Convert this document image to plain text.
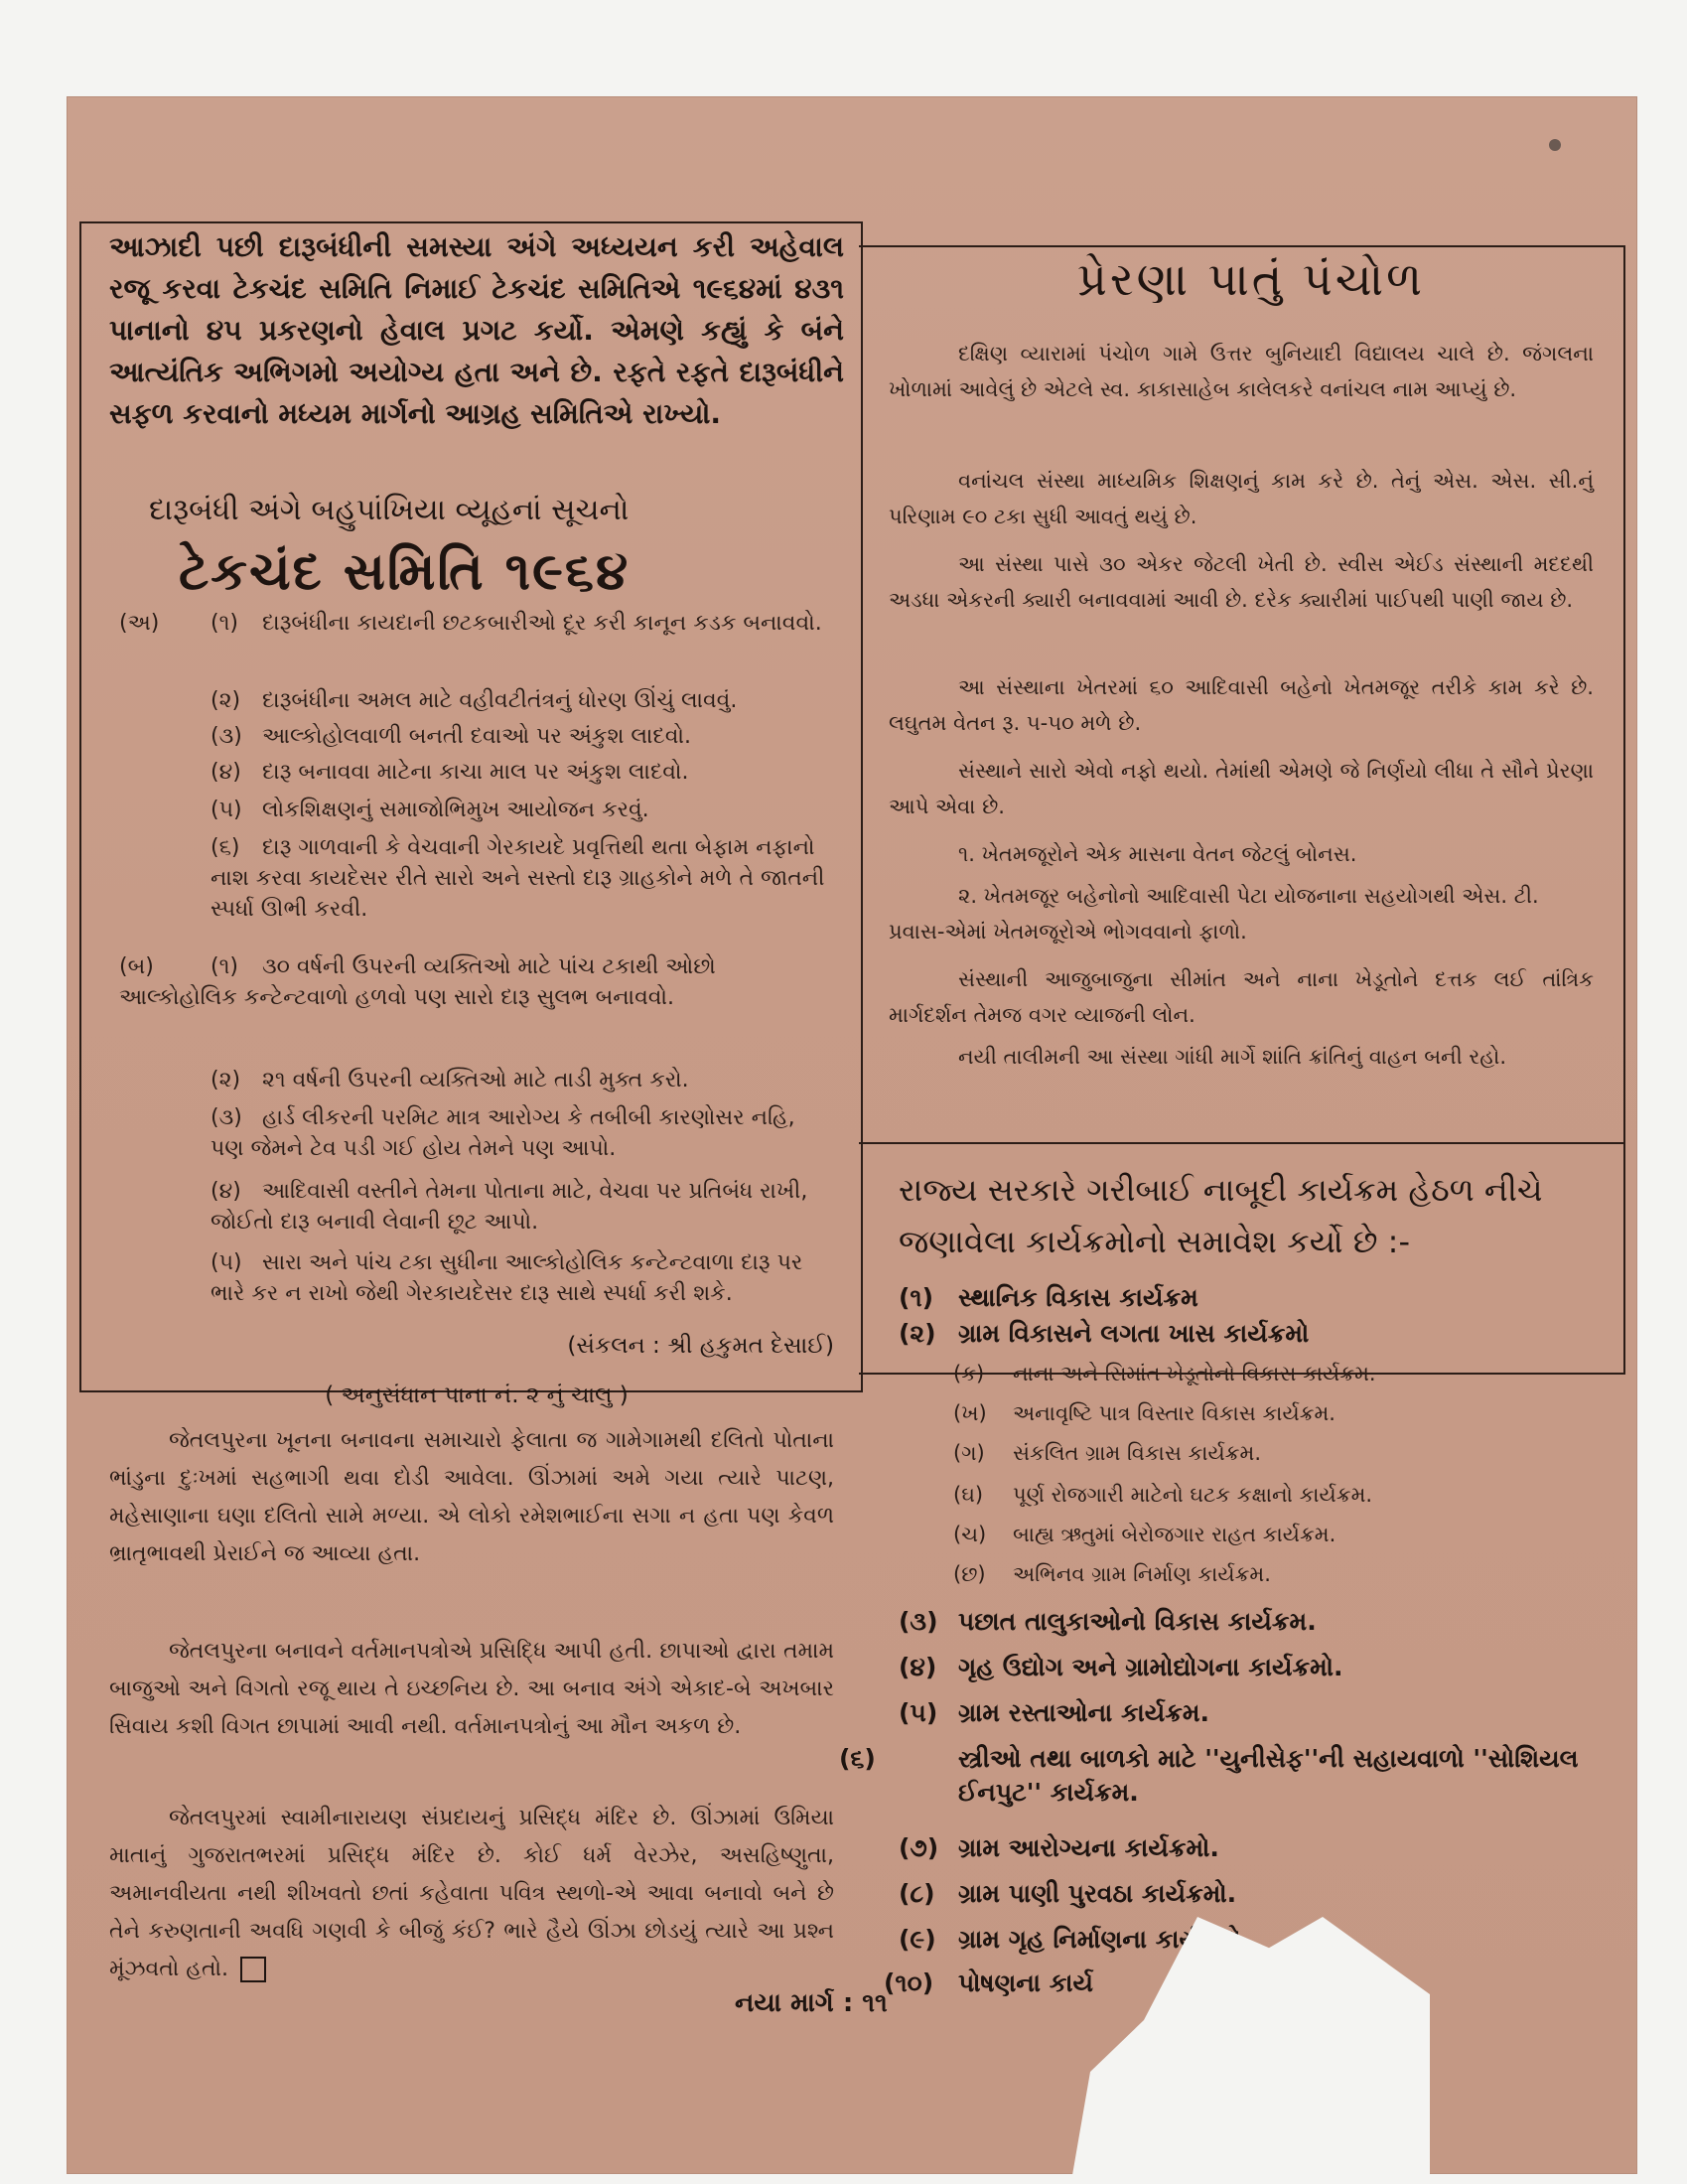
આઝાદી પછી દારૂબંધીની સમસ્યા અંગે અધ્યયન કરી અહેવાલ રજૂ કરવા ટેકચંદ સમિતિ નિમાઈ ટેકચંદ સમિતિએ ૧૯૬૪માં ૪૩૧ પાનાનો ૪૫ પ્રકરણનો હેવાલ પ્રગટ કર્યો. એમણે કહ્યું કે બંને આત્યંતિક અભિગમો અયોગ્ય હતા અને છે. રફતે રફતે દારૂબંધીને સફળ કરવાનો મધ્યમ માર્ગનો આગ્રહ સમિતિએ રાખ્યો.
દારૂબંધી અંગે બહુપાંખિયા વ્યૂહનાં સૂચનો
ટેકચંદ સમિતિ ૧૯૬૪
(અ) (૧) દારૂબંધીના કાયદાની છટકબારીઓ દૂર કરી કાનૂન કડક બનાવવો.
(૨) દારૂબંધીના અમલ માટે વહીવટીતંત્રનું ધોરણ ઊંચું લાવવું.
(૩) આલ્કોહોલવાળી બનતી દવાઓ પર અંકુશ લાદવો.
(૪) દારૂ બનાવવા માટેના કાચા માલ પર અંકુશ લાદવો.
(૫) લોકશિક્ષણનું સમાજોભિમુખ આયોજન કરવું.
(૬) દારૂ ગાળવાની કે વેચવાની ગેરકાયદે પ્રવૃત્તિથી થતા બેફામ નફાનો નાશ કરવા કાયદેસર રીતે સારો અને સસ્તો દારૂ ગ્રાહકોને મળે તે જાતની સ્પર્ધા ઊભી કરવી.
(બ)	(૧) ૩૦ વર્ષની ઉપરની વ્યક્તિઓ માટે પાંચ ટકાથી ઓછો આલ્કોહોલિક કન્ટેન્ટવાળો હળવો પણ સારો દારૂ સુલભ બનાવવો.
(૨) ૨૧ વર્ષની ઉપરની વ્યક્તિઓ માટે તાડી મુક્ત કરો.
(૩) હાર્ડ લીકરની પરમિટ માત્ર આરોગ્ય કે તબીબી કારણોસર નહિ, પણ જેમને ટેવ પડી ગઈ હોય તેમને પણ આપો.
(૪) આદિવાસી વસ્તીને તેમના પોતાના માટે, વેચવા પર પ્રતિબંધ રાખી, જોઈતો દારૂ બનાવી લેવાની છૂટ આપો.
(૫) સારા અને પાંચ ટકા સુધીના આલ્કોહોલિક કન્ટેન્ટવાળા દારૂ પર ભારે કર ન રાખો જેથી ગેરકાયદેસર દારૂ સાથે સ્પર્ધા કરી શકે.
(સંકલન : શ્રી હકુમત દેસાઈ)
( અનુસંધાન પાના નં. ૨ નું ચાલુ )
જેતલપુરના ખૂનના બનાવના સમાચારો ફેલાતા જ ગામેગામથી દલિતો પોતાના ભાંડુના દુઃખમાં સહભાગી થવા દોડી આવેલા. ઊંઝામાં અમે ગયા ત્યારે પાટણ, મહેસાણાના ઘણા દલિતો સામે મળ્યા. એ લોકો રમેશભાઈના સગા ન હતા પણ કેવળ ભ્રાતૃભાવથી પ્રેરાઈને જ આવ્યા હતા.
જેતલપુરના બનાવને વર્તમાનપત્રોએ પ્રસિદ્ધિ આપી હતી. છાપાઓ દ્વારા તમામ બાજુઓ અને વિગતો રજૂ થાય તે ઇચ્છનિય છે. આ બનાવ અંગે એકાદ-બે અખબાર સિવાય કશી વિગત છાપામાં આવી નથી. વર્તમાનપત્રોનું આ મૌન અકળ છે.
જેતલપુરમાં સ્વામીનારાયણ સંપ્રદાયનું પ્રસિદ્ધ મંદિર છે. ઊંઝામાં ઉમિયા માતાનું ગુજરાતભરમાં પ્રસિદ્ધ મંદિર છે. કોઈ ધર્મ વેરઝેર, અસહિષ્ણુતા, અમાનવીયતા નથી શીખવતો છતાં કહેવાતા પવિત્ર સ્થળો-એ આવા બનાવો બને છે તેને કરુણતાની અવધિ ગણવી કે બીજું કંઈ? ભારે હૈયે ઊંઝા છોડયું ત્યારે આ પ્રશ્ન મૂંઝવતો હતો.
પ્રેરણા પાતું પંચોળ
દક્ષિણ વ્યારામાં પંચોળ ગામે ઉત્તર બુનિયાદી વિદ્યાલય ચાલે છે. જંગલના ખોળામાં આવેલું છે એટલે સ્વ. કાકાસાહેબ કાલેલકરે વનાંચલ નામ આપ્યું છે.
વનાંચલ સંસ્થા માધ્યમિક શિક્ષણનું કામ કરે છે. તેનું એસ. એસ. સી.નું પરિણામ ૯૦ ટકા સુધી આવતું થયું છે.
આ સંસ્થા પાસે ૩૦ એકર જેટલી ખેતી છે. સ્વીસ એઈડ સંસ્થાની મદદથી અડધા એકરની ક્યારી બનાવવામાં આવી છે. દરેક ક્યારીમાં પાઈપથી પાણી જાય છે.
આ સંસ્થાના ખેતરમાં ૬૦ આદિવાસી બહેનો ખેતમજૂર તરીકે કામ કરે છે. લઘુતમ વેતન રૂ. ૫-૫૦ મળે છે.
સંસ્થાને સારો એવો નફો થયો. તેમાંથી એમણે જે નિર્ણયો લીધા તે સૌને પ્રેરણા આપે એવા છે.
૧. ખેતમજૂરોને એક માસના વેતન જેટલું બોનસ.
૨. ખેતમજૂર બહેનોનો આદિવાસી પેટા યોજનાના સહયોગથી એસ. ટી. પ્રવાસ-એમાં ખેતમજૂરોએ ભોગવવાનો ફાળો.
સંસ્થાની આજુબાજુના સીમાંત અને નાના ખેડૂતોને દત્તક લઈ તાંત્રિક માર્ગદર્શન તેમજ વગર વ્યાજની લોન.
નયી તાલીમની આ સંસ્થા ગાંધી માર્ગે શાંતિ ક્રાંતિનું વાહન બની રહો.
રાજ્ય સરકારે ગરીબાઈ નાબૂદી કાર્યક્રમ હેઠળ નીચે જણાવેલા કાર્યક્રમોનો સમાવેશ કર્યો છે :-
(૧) સ્થાનિક વિકાસ કાર્યક્રમ
(૨) ગ્રામ વિકાસને લગતા ખાસ કાર્યક્રમો
(ક) નાના અને સિમાંત ખેડૂતોનો વિકાસ કાર્યક્રમ.
(ખ) અનાવૃષ્ટિ પાત્ર વિસ્તાર વિકાસ કાર્યક્રમ.
(ગ) સંકલિત ગ્રામ વિકાસ કાર્યક્રમ.
(ઘ) પૂર્ણ રોજગારી માટેનો ઘટક કક્ષાનો કાર્યક્રમ.
(ચ) બાહ્ય ઋતુમાં બેરોજગાર રાહત કાર્યક્રમ.
(છ) અભિનવ ગ્રામ નિર્માણ કાર્યક્રમ.
(૩) પછાત તાલુકાઓનો વિકાસ કાર્યક્રમ.
(૪) ગૃહ ઉદ્યોગ અને ગ્રામોદ્યોગના કાર્યક્રમો.
(૫) ગ્રામ રસ્તાઓના કાર્યક્રમ.
(૬)	સ્ત્રીઓ તથા બાળકો માટે ''યુનીસેફ''ની સહાયવાળો ''સોશિયલ ઈનપુટ'' કાર્યક્રમ.
(૭) ગ્રામ આરોગ્યના કાર્યક્રમો.
(૮) ગ્રામ પાણી પુરવઠા કાર્યક્રમો.
(૯) ગ્રામ ગૃહ નિર્માણના કાર્યક્રમો.
(૧૦) પોષણના કાર્ય
નયા માર્ગ : ૧૧
